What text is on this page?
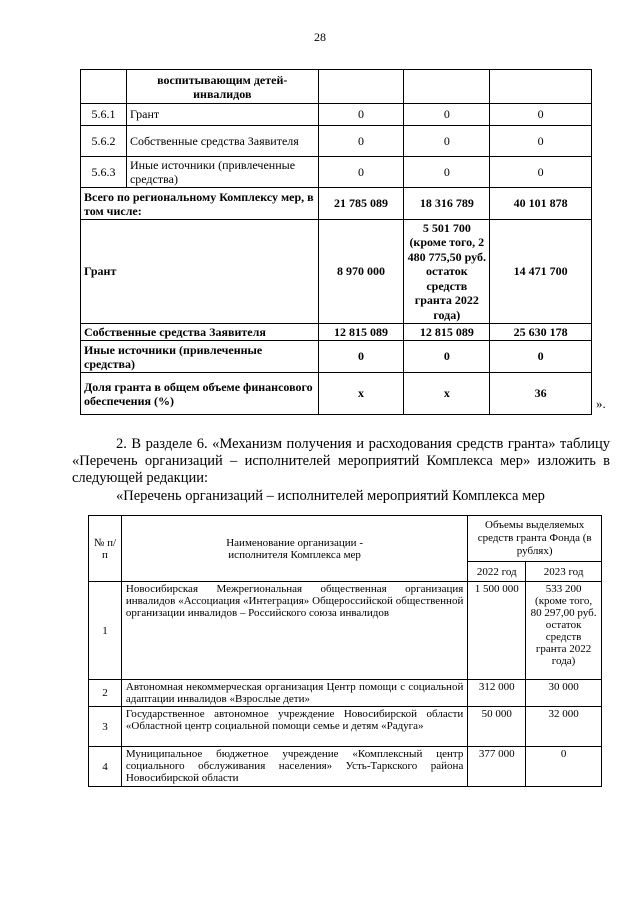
28
	воспитывающим детей-инвалидов			
5.6.1	Грант	0	0	0
5.6.2	Собственные средства Заявителя	0	0	0
5.6.3	Иные источники (привлеченные средства)	0	0	0
Всего по региональному Комплексу мер, в том числе:		21 785 089	18 316 789	40 101 878
Грант		8 970 000	5 501 700 (кроме того, 2 480 775,50 руб. остаток средств гранта 2022 года)	14 471 700
Собственные средства Заявителя		12 815 089	12 815 089	25 630 178
Иные источники (привлеченные средства)		0	0	0
Доля гранта в общем объеме финансового обеспечения (%)		х	х	36
».
2. В разделе 6. «Механизм получения и расходования средств гранта» таблицу «Перечень организаций – исполнителей мероприятий Комплекса мер» изложить в следующей редакции:
«Перечень организаций – исполнителей мероприятий Комплекса мер
№ п/п	Наименование организации - исполнителя Комплекса мер	Объемы выделяемых средств гранта Фонда (в рублях)	
		2022 год	2023 год
1	Новосибирская Межрегиональная общественная организация инвалидов «Ассоциация «Интеграция» Общероссийской общественной организации инвалидов – Российского союза инвалидов	1 500 000	533 200 (кроме того, 80 297,00 руб. остаток средств гранта 2022 года)
2	Автономная некоммерческая организация Центр помощи с социальной адаптации инвалидов «Взрослые дети»	312 000	30 000
3	Государственное автономное учреждение Новосибирской области «Областной центр социальной помощи семье и детям «Радуга»	50 000	32 000
4	Муниципальное бюджетное учреждение «Комплексный центр социального обслуживания населения» Усть-Таркского района Новосибирской области	377 000	0
